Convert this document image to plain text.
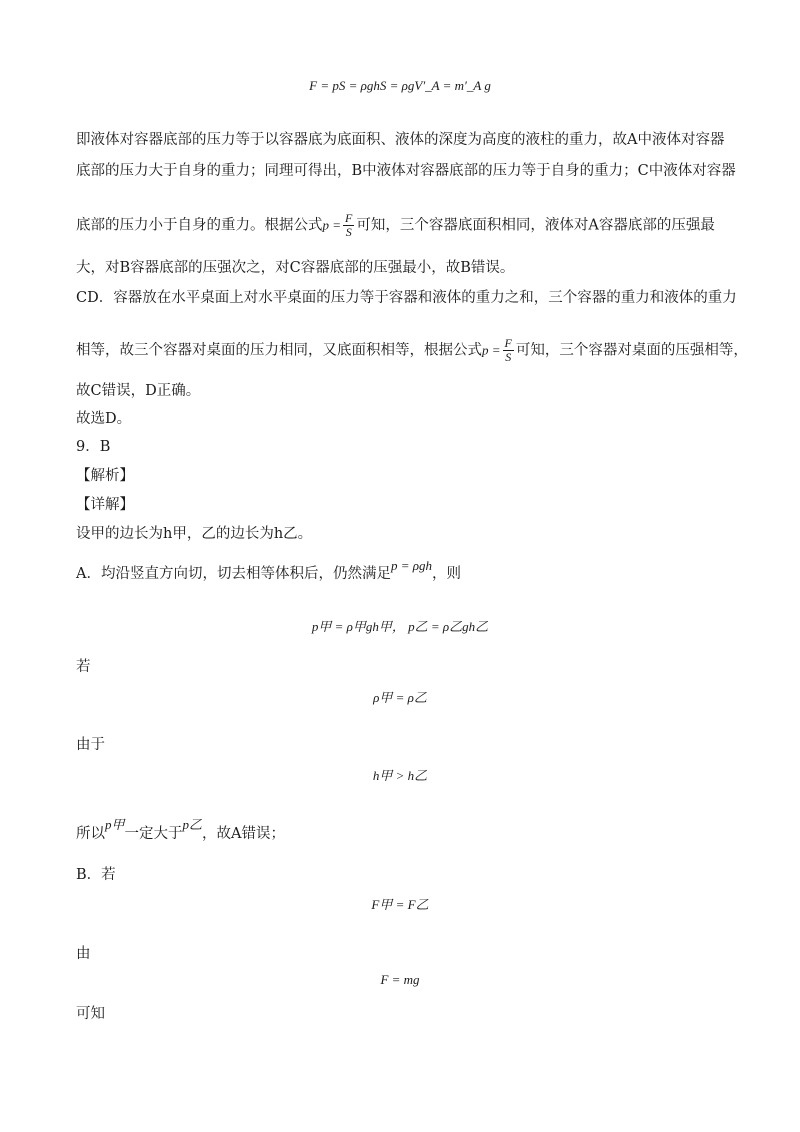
F = pS = ρghS = ρgV′_A = m′_A g
即液体对容器底部的压力等于以容器底为底面积、液体的深度为高度的液柱的重力，故A中液体对容器
底部的压力大于自身的重力；同理可得出，B中液体对容器底部的压力等于自身的重力；C中液体对容器
底部的压力小于自身的重力。根据公式$p = \frac{F}{S}$ 可知，三个容器底面积相同，液体对A容器底部的压强最
大，对B容器底部的压强次之，对C容器底部的压强最小，故B错误。
CD．容器放在水平桌面上对水平桌面的压力等于容器和液体的重力之和，三个容器的重力和液体的重力
相等，故三个容器对桌面的压力相同，又底面积相等，根据公式$p = \frac{F}{S}$ 可知，三个容器对桌面的压强相等，
故C错误，D正确。
故选D。
9．B
【解析】
【详解】
设甲的边长为h甲，乙的边长为h乙。
A．均沿竖直方向切，切去相等体积后，仍然满足p = ρgh，则
p甲 = ρ甲gh甲， p乙 = ρ乙gh乙
若
ρ甲 = ρ乙
由于
h甲 > h乙
所以p甲一定大于p乙，故A错误；
B．若
F甲 = F乙
由
F = mg
可知
